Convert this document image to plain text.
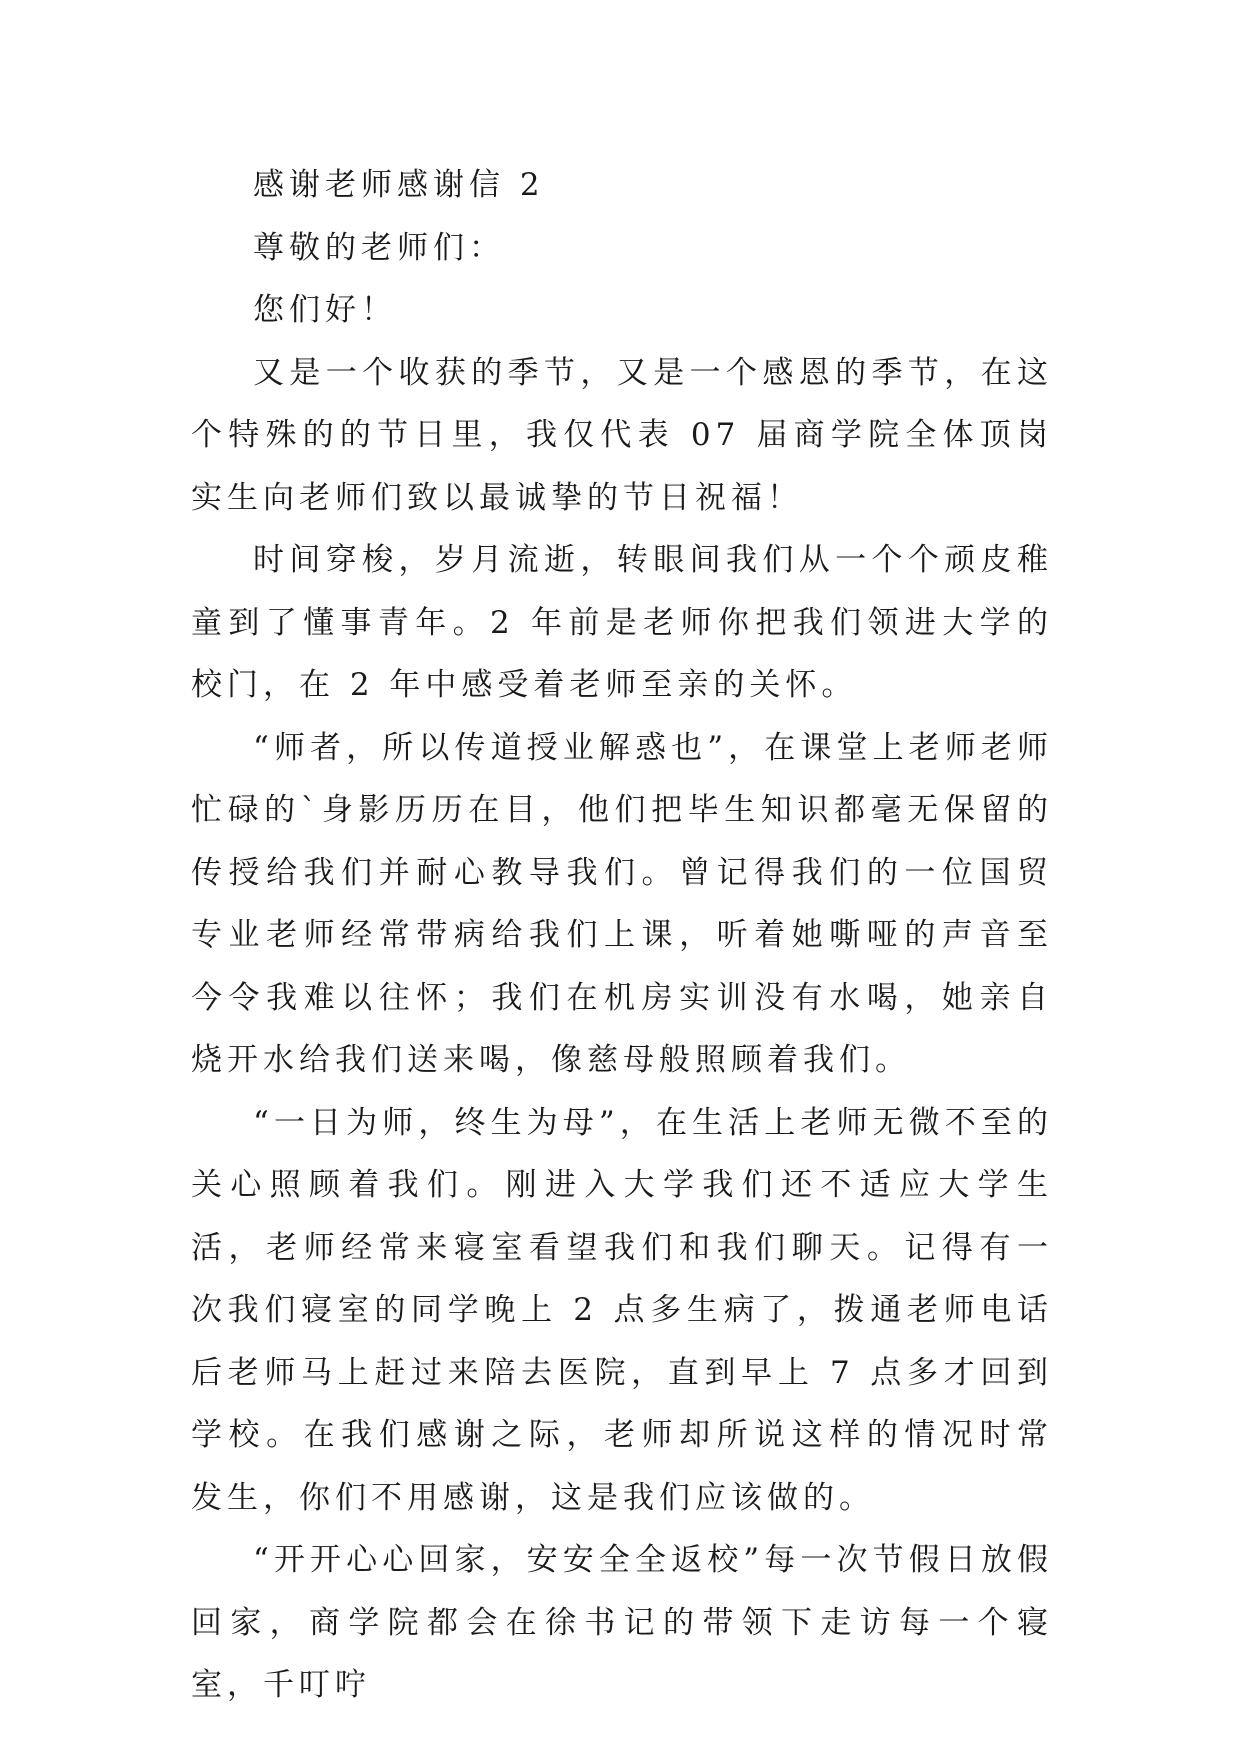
感谢老师感谢信 2

尊敬的老师们：

您们好！

又是一个收获的季节，又是一个感恩的季节，在这个特殊的的节日里，我仅代表 07 届商学院全体顶岗实生向老师们致以最诚挚的节日祝福！

时间穿梭，岁月流逝，转眼间我们从一个个顽皮稚童到了懂事青年。2 年前是老师你把我们领进大学的校门，在 2 年中感受着老师至亲的关怀。

“师者，所以传道授业解惑也”，在课堂上老师老师忙碌的`身影历历在目，他们把毕生知识都毫无保留的传授给我们并耐心教导我们。曾记得我们的一位国贸专业老师经常带病给我们上课，听着她嘶哑的声音至今令我难以往怀；我们在机房实训没有水喝，她亲自烧开水给我们送来喝，像慈母般照顾着我们。

“一日为师，终生为母”，在生活上老师无微不至的关心照顾着我们。刚进入大学我们还不适应大学生活，老师经常来寝室看望我们和我们聊天。记得有一次我们寝室的同学晚上 2 点多生病了，拨通老师电话后老师马上赶过来陪去医院，直到早上 7 点多才回到学校。在我们感谢之际，老师却所说这样的情况时常发生，你们不用感谢，这是我们应该做的。

“开开心心回家，安安全全返校”每一次节假日放假回家，商学院都会在徐书记的带领下走访每一个寝室，千叮咛
